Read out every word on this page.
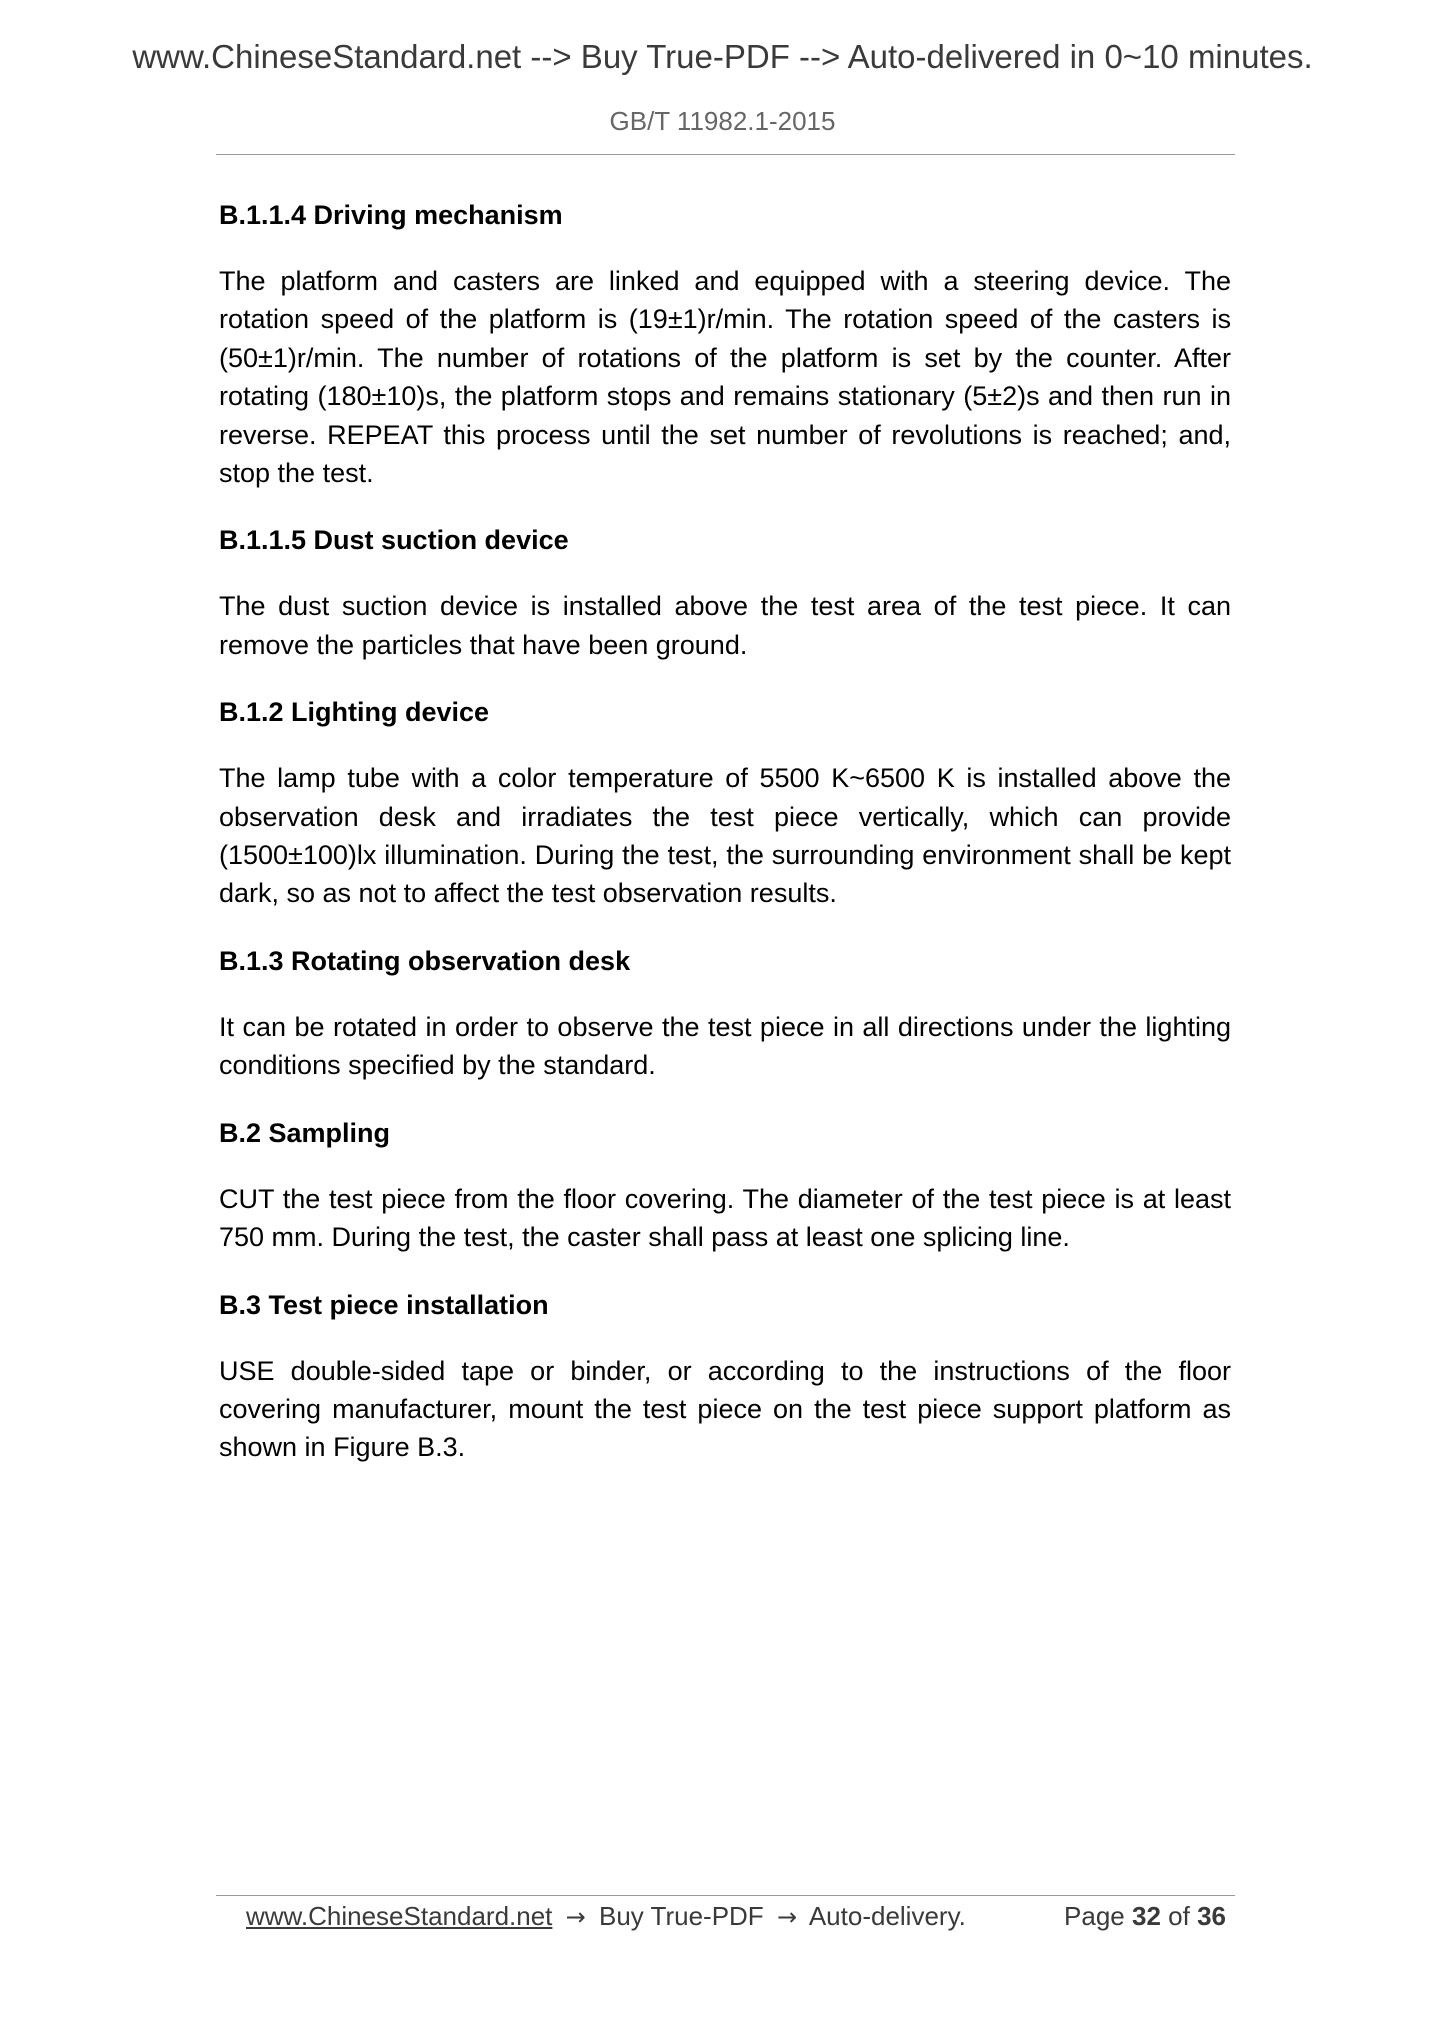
www.ChineseStandard.net --> Buy True-PDF --> Auto-delivered in 0~10 minutes.
GB/T 11982.1-2015
B.1.1.4 Driving mechanism
The platform and casters are linked and equipped with a steering device. The rotation speed of the platform is (19±1)r/min. The rotation speed of the casters is (50±1)r/min. The number of rotations of the platform is set by the counter. After rotating (180±10)s, the platform stops and remains stationary (5±2)s and then run in reverse. REPEAT this process until the set number of revolutions is reached; and, stop the test.
B.1.1.5 Dust suction device
The dust suction device is installed above the test area of the test piece. It can remove the particles that have been ground.
B.1.2 Lighting device
The lamp tube with a color temperature of 5500 K~6500 K is installed above the observation desk and irradiates the test piece vertically, which can provide (1500±100)lx illumination. During the test, the surrounding environment shall be kept dark, so as not to affect the test observation results.
B.1.3 Rotating observation desk
It can be rotated in order to observe the test piece in all directions under the lighting conditions specified by the standard.
B.2 Sampling
CUT the test piece from the floor covering. The diameter of the test piece is at least 750 mm. During the test, the caster shall pass at least one splicing line.
B.3 Test piece installation
USE double-sided tape or binder, or according to the instructions of the floor covering manufacturer, mount the test piece on the test piece support platform as shown in Figure B.3.
www.ChineseStandard.net → Buy True-PDF → Auto-delivery.	Page 32 of 36
